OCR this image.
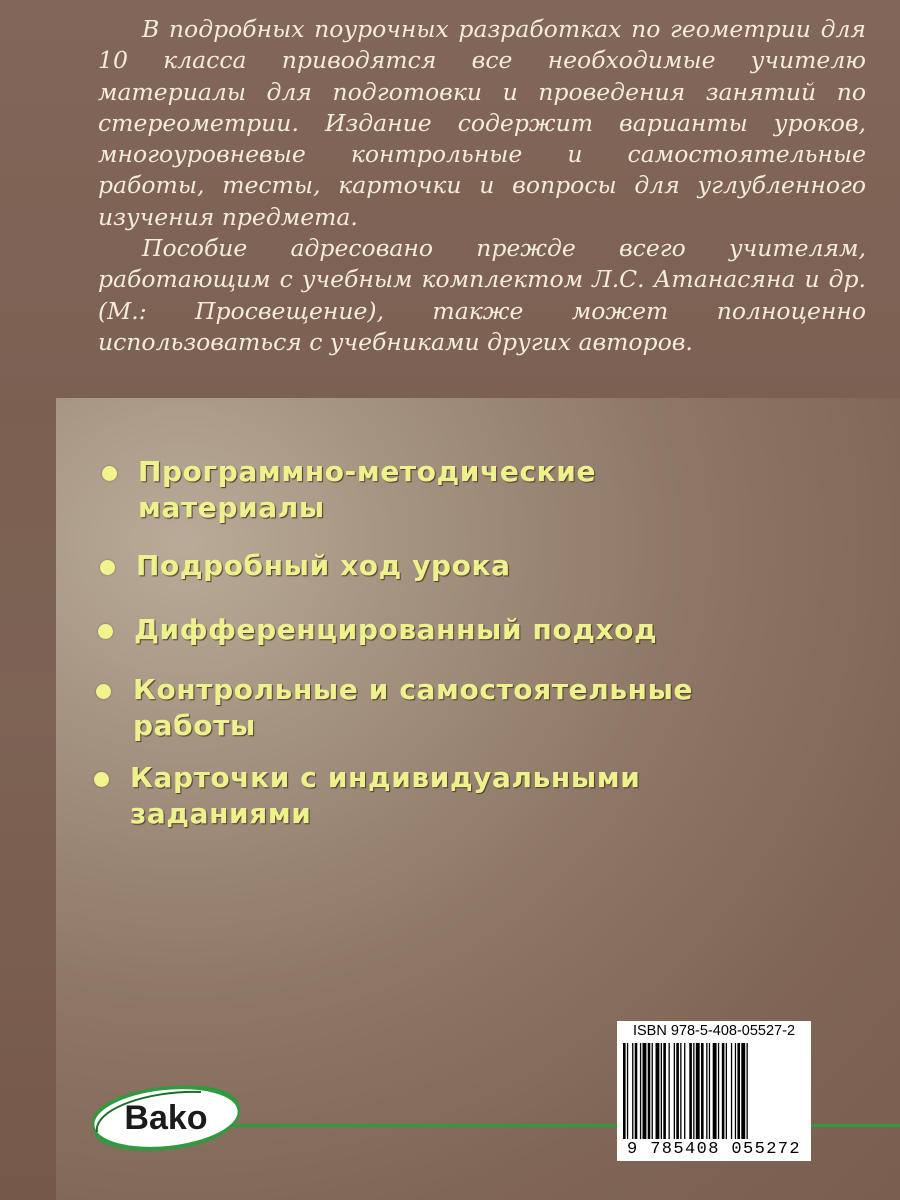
В подробных поурочных разработках по геометрии для 10 класса приводятся все необходимые учителю материалы для подготовки и проведения занятий по стереометрии. Издание содержит варианты уроков, многоуровневые контрольные и самостоятельные работы, тесты, карточки и вопросы для углубленного изучения предмета.

Пособие адресовано прежде всего учителям, работающим с учебным комплектом Л.С. Атанасяна и др. (М.: Просвещение), также может полноценно использоваться с учебниками других авторов.

Программно-методические
материалы
Подробный ход урока
Дифференцированный подход
Контрольные и самостоятельные
работы
Карточки с индивидуальными
заданиями
Bako
ISBN 978-5-408-05527-2
9 785408 055272
